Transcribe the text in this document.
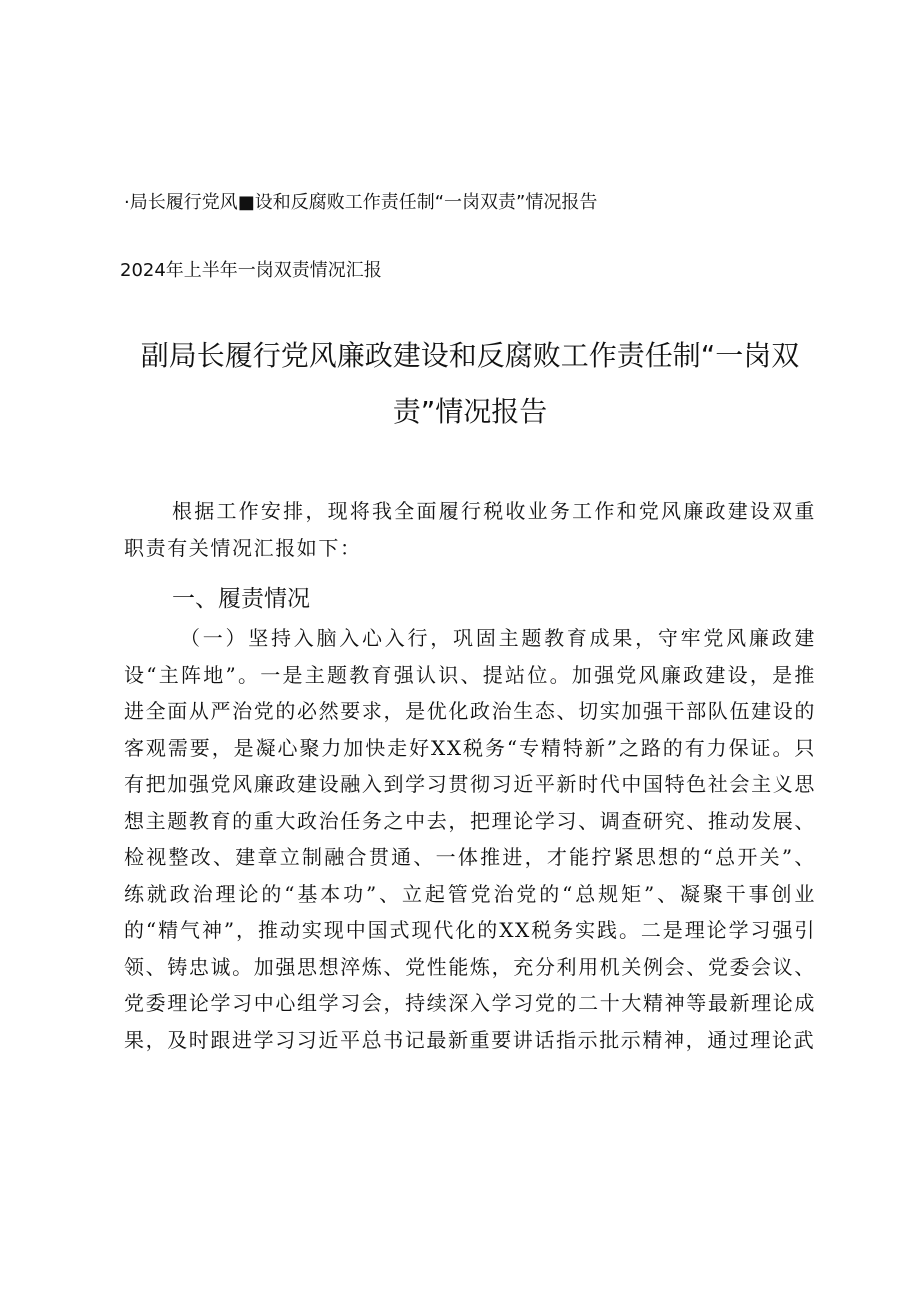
·局长履行党风■设和反腐败工作责任制“一岗双责”情况报告
2024年上半年一岗双责情况汇报
副局长履行党风廉政建设和反腐败工作责任制“一岗双责”情况报告
根据工作安排，现将我全面履行税收业务工作和党风廉政建设双重职责有关情况汇报如下：
一、履责情况
（一）坚持入脑入心入行，巩固主题教育成果，守牢党风廉政建设“主阵地”。一是主题教育强认识、提站位。加强党风廉政建设，是推进全面从严治党的必然要求，是优化政治生态、切实加强干部队伍建设的客观需要，是凝心聚力加快走好XX税务“专精特新”之路的有力保证。只有把加强党风廉政建设融入到学习贯彻习近平新时代中国特色社会主义思想主题教育的重大政治任务之中去，把理论学习、调查研究、推动发展、检视整改、建章立制融合贯通、一体推进，才能拧紧思想的“总开关”、练就政治理论的“基本功”、立起管党治党的“总规矩”、凝聚干事创业的“精气神”，推动实现中国式现代化的XX税务实践。二是理论学习强引领、铸忠诚。加强思想淬炼、党性能炼，充分利用机关例会、党委会议、党委理论学习中心组学习会，持续深入学习党的二十大精神等最新理论成果，及时跟进学习习近平总书记最新重要讲话指示批示精神，通过理论武
